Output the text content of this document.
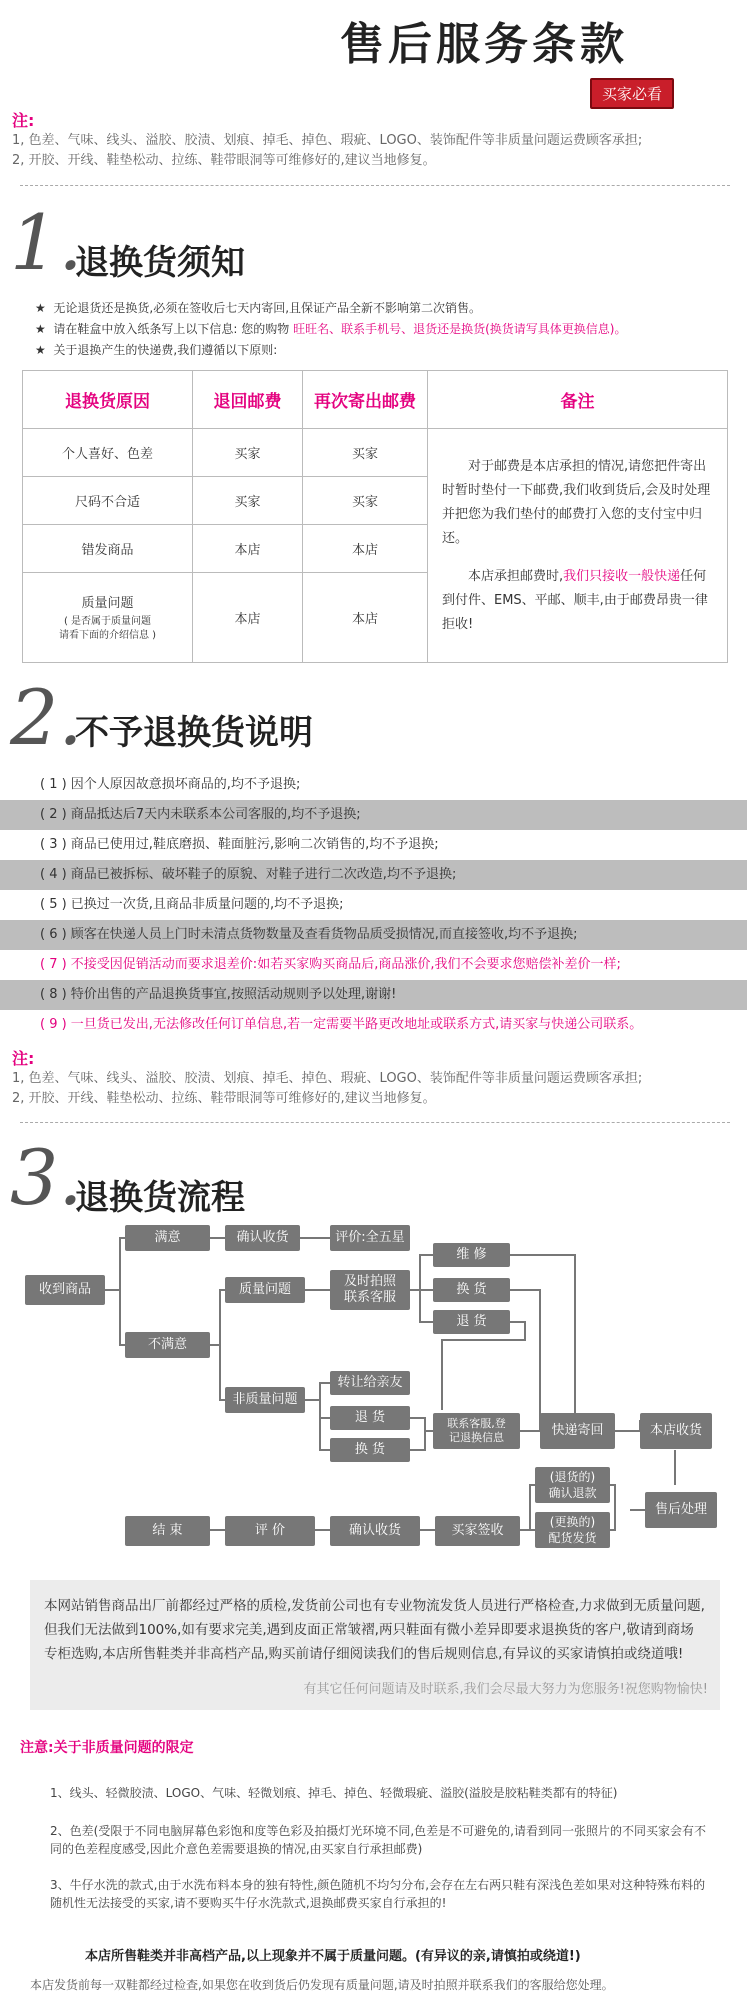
售后服务条款
买家必看
注:
1, 色差、气味、线头、溢胶、胶渍、划痕、掉毛、掉色、瑕疵、LOGO、装饰配件等非质量问题运费顾客承担;
2, 开胶、开线、鞋垫松动、拉练、鞋带眼洞等可维修好的,建议当地修复。
1.
退换货须知
★  无论退货还是换货,必须在签收后七天内寄回,且保证产品全新不影响第二次销售。
★  请在鞋盒中放入纸条写上以下信息: 您的购物 旺旺名、联系手机号、退货还是换货(换货请写具体更换信息)。
★  关于退换产生的快递费,我们遵循以下原则:
退换货原因	退回邮费	再次寄出邮费	备注
个人喜好、色差	买家	买家	对于邮费是本店承担的情况,请您把件寄出时暂时垫付一下邮费,我们收到货后,会及时处理并把您为我们垫付的邮费打入您的支付宝中归还。
本店承担邮费时,我们只接收一般快递任何到付件、EMS、平邮、顺丰,由于邮费昂贵一律拒收!

尺码不合适	买家	买家	
错发商品	本店	本店	

质量问题
( 是否属于质量问题
请看下面的介绍信息 )	本店	本店	
2.
不予退换货说明
( 1 ) 因个人原因故意损坏商品的,均不予退换;
( 2 ) 商品抵达后7天内未联系本公司客服的,均不予退换;
( 3 ) 商品已使用过,鞋底磨损、鞋面脏污,影响二次销售的,均不予退换;
( 4 ) 商品已被拆标、破坏鞋子的原貌、对鞋子进行二次改造,均不予退换;
( 5 ) 已换过一次货,且商品非质量问题的,均不予退换;
( 6 ) 顾客在快递人员上门时未清点货物数量及查看货物品质受损情况,而直接签收,均不予退换;
( 7 ) 不接受因促销活动而要求退差价:如若买家购买商品后,商品涨价,我们不会要求您赔偿补差价一样;
( 8 ) 特价出售的产品退换货事宜,按照活动规则予以处理,谢谢!
( 9 ) 一旦货已发出,无法修改任何订单信息,若一定需要半路更改地址或联系方式,请买家与快递公司联系。
注:
1, 色差、气味、线头、溢胶、胶渍、划痕、掉毛、掉色、瑕疵、LOGO、装饰配件等非质量问题运费顾客承担;
2, 开胶、开线、鞋垫松动、拉练、鞋带眼洞等可维修好的,建议当地修复。
3.
退换货流程
收到商品
满意	确认收货	评价:全五星
不满意
质量问题
及时拍照
联系客服
维 修
换 货
退 货
非质量问题
转让给亲友
退 货
换 货
联系客服,登
记退换信息	快递寄回	本店收货
(退货的)
确认退款
(更换的)
配货发货
售后处理
买家签收
确认收货
评 价
结 束
本网站销售商品出厂前都经过严格的质检,发货前公司也有专业物流发货人员进行严格检查,力求做到无质量问题,但我们无法做到100%,如有要求完美,遇到皮面正常皱褶,两只鞋面有微小差异即要求退换货的客户,敬请到商场专柜选购,本店所售鞋类并非高档产品,购买前请仔细阅读我们的售后规则信息,有异议的买家请慎拍或绕道哦!
有其它任何问题请及时联系,我们会尽最大努力为您服务!祝您购物愉快!
注意:关于非质量问题的限定
1、线头、轻微胶渍、LOGO、气味、轻微划痕、掉毛、掉色、轻微瑕疵、溢胶(溢胶是胶粘鞋类都有的特征)
2、色差(受限于不同电脑屏幕色彩饱和度等色彩及拍摄灯光环境不同,色差是不可避免的,请看到同一张照片的不同买家会有不同的色差程度感受,因此介意色差需要退换的情况,由买家自行承担邮费)
3、牛仔水洗的款式,由于水洗布料本身的独有特性,颜色随机不均匀分布,会存在左右两只鞋有深浅色差如果对这种特殊布料的随机性无法接受的买家,请不要购买牛仔水洗款式,退换邮费买家自行承担的!
本店所售鞋类并非高档产品,以上现象并不属于质量问题。(有异议的亲,请慎拍或绕道!)
本店发货前每一双鞋都经过检查,如果您在收到货后仍发现有质量问题,请及时拍照并联系我们的客服给您处理。
